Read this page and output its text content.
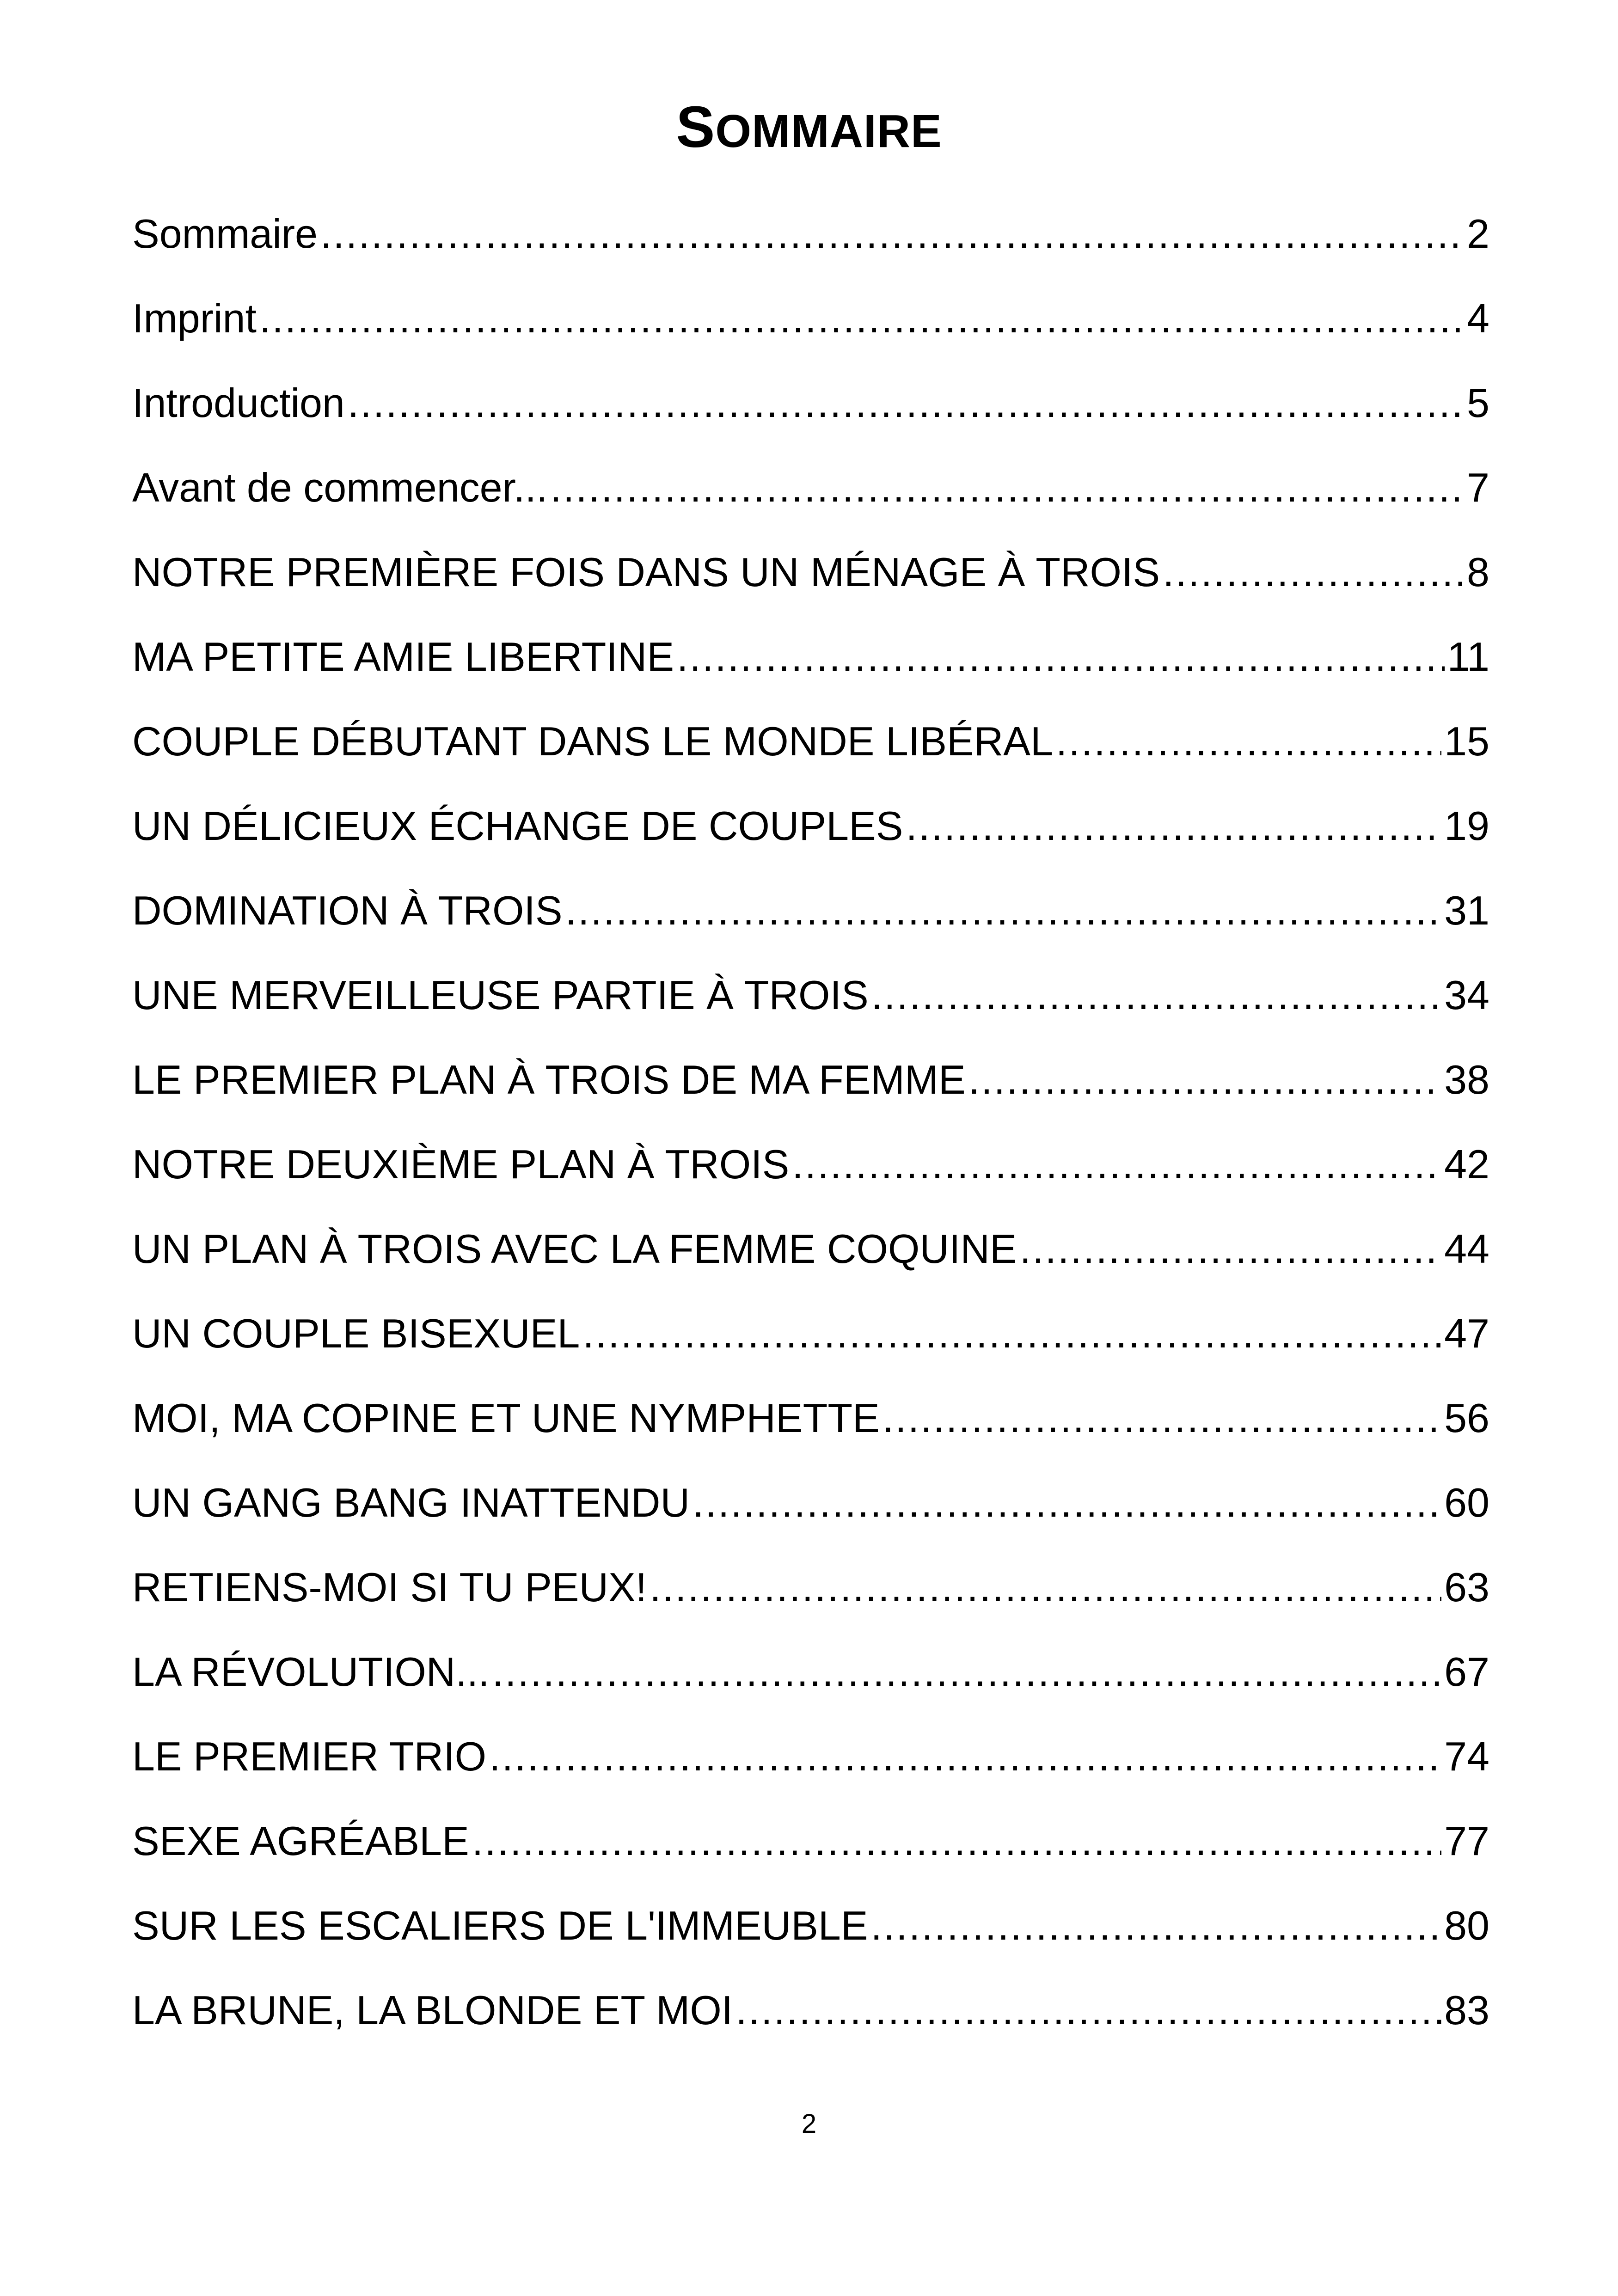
SOMMAIRE
Sommaire .....	2
Imprint .....	4
Introduction .....	5
Avant de commencer... .....	7
NOTRE PREMIÈRE FOIS DANS UN MÉNAGE À TROIS .....	8
MA PETITE AMIE LIBERTINE .....	11
COUPLE DÉBUTANT DANS LE MONDE LIBÉRAL .....	15
UN DÉLICIEUX ÉCHANGE DE COUPLES .....	19
DOMINATION À TROIS .....	31
UNE MERVEILLEUSE PARTIE À TROIS .....	34
LE PREMIER PLAN À TROIS DE MA FEMME .....	38
NOTRE DEUXIÈME PLAN À TROIS .....	42
UN PLAN À TROIS AVEC LA FEMME COQUINE .....	44
UN COUPLE BISEXUEL .....	47
MOI, MA COPINE ET UNE NYMPHETTE .....	56
UN GANG BANG INATTENDU .....	60
RETIENS-MOI SI TU PEUX! .....	63
LA RÉVOLUTION... .....	67
LE PREMIER TRIO .....	74
SEXE AGRÉABLE .....	77
SUR LES ESCALIERS DE L'IMMEUBLE .....	80
LA BRUNE, LA BLONDE ET MOI .....	83
2
